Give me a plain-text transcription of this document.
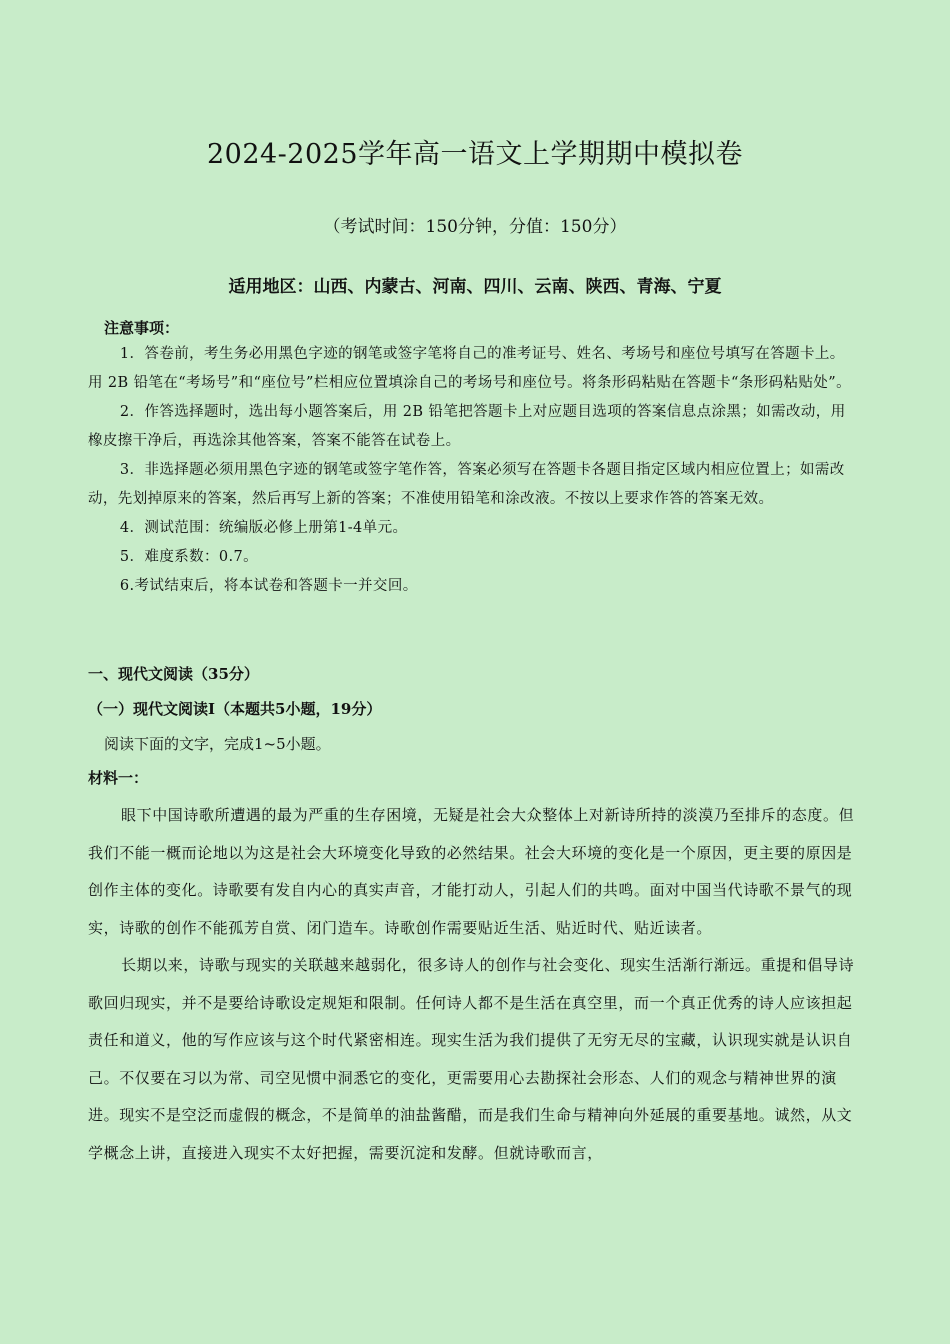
2024-2025学年高一语文上学期期中模拟卷
（考试时间：150分钟，分值：150分）
适用地区：山西、内蒙古、河南、四川、云南、陕西、青海、宁夏
注意事项：

1．答卷前，考生务必用黑色字迹的钢笔或签字笔将自己的准考证号、姓名、考场号和座位号填写在答题卡上。用 2B 铅笔在“考场号”和“座位号”栏相应位置填涂自己的考场号和座位号。将条形码粘贴在答题卡“条形码粘贴处”。

2．作答选择题时，选出每小题答案后，用 2B 铅笔把答题卡上对应题目选项的答案信息点涂黑；如需改动，用橡皮擦干净后，再选涂其他答案，答案不能答在试卷上。

3．非选择题必须用黑色字迹的钢笔或签字笔作答，答案必须写在答题卡各题目指定区域内相应位置上；如需改动，先划掉原来的答案，然后再写上新的答案；不准使用铅笔和涂改液。不按以上要求作答的答案无效。

4．测试范围：统编版必修上册第1-4单元。

5．难度系数：0.7。

6.考试结束后，将本试卷和答题卡一并交回。

一、现代文阅读（35分）
（一）现代文阅读Ⅰ（本题共5小题，19分）
阅读下面的文字，完成1~5小题。
材料一：

眼下中国诗歌所遭遇的最为严重的生存困境，无疑是社会大众整体上对新诗所持的淡漠乃至排斥的态度。但我们不能一概而论地以为这是社会大环境变化导致的必然结果。社会大环境的变化是一个原因，更主要的原因是创作主体的变化。诗歌要有发自内心的真实声音，才能打动人，引起人们的共鸣。面对中国当代诗歌不景气的现实，诗歌的创作不能孤芳自赏、闭门造车。诗歌创作需要贴近生活、贴近时代、贴近读者。

长期以来，诗歌与现实的关联越来越弱化，很多诗人的创作与社会变化、现实生活渐行渐远。重提和倡导诗歌回归现实，并不是要给诗歌设定规矩和限制。任何诗人都不是生活在真空里，而一个真正优秀的诗人应该担起责任和道义，他的写作应该与这个时代紧密相连。现实生活为我们提供了无穷无尽的宝藏，认识现实就是认识自己。不仅要在习以为常、司空见惯中洞悉它的变化，更需要用心去勘探社会形态、人们的观念与精神世界的演进。现实不是空泛而虚假的概念，不是简单的油盐酱醋，而是我们生命与精神向外延展的重要基地。诚然，从文学概念上讲，直接进入现实不太好把握，需要沉淀和发酵。但就诗歌而言，
